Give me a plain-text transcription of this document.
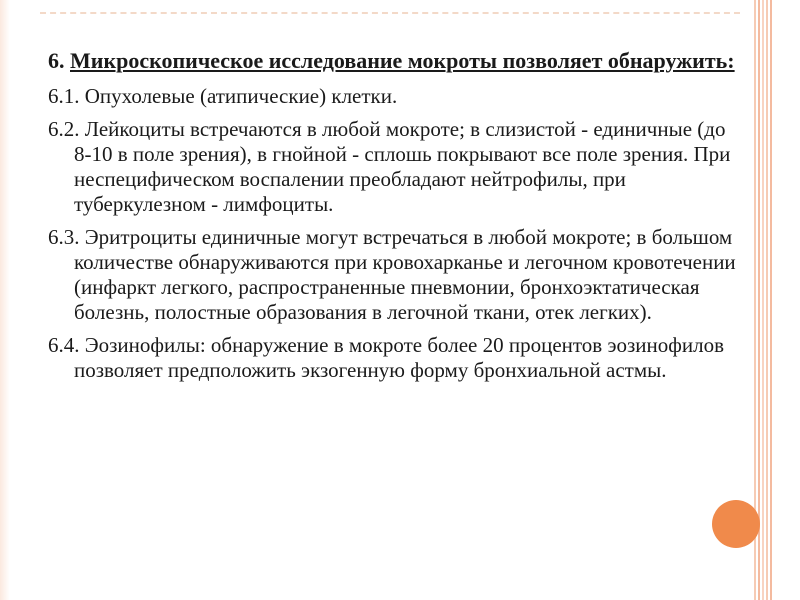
6. Микроскопическое исследование мокроты позволяет обнаружить:

6.1. Опухолевые (атипические) клетки.

6.2. Лейкоциты встречаются в любой мокроте; в слизистой - единичные (до 8-10 в поле зрения), в гнойной - сплошь покрывают все поле зрения. При неспецифическом воспалении преобладают нейтрофилы, при туберкулезном - лимфоциты.

6.3. Эритроциты единичные могут встречаться в любой мокроте; в большом количестве обнаруживаются при кровохарканье и легочном кровотечении (инфаркт легкого, распространенные пневмонии, бронхоэктатическая болезнь, полостные образования в легочной ткани, отек легких).

6.4. Эозинофилы: обнаружение в мокроте более 20 процентов эозинофилов позволяет предположить экзогенную форму бронхиальной астмы.
